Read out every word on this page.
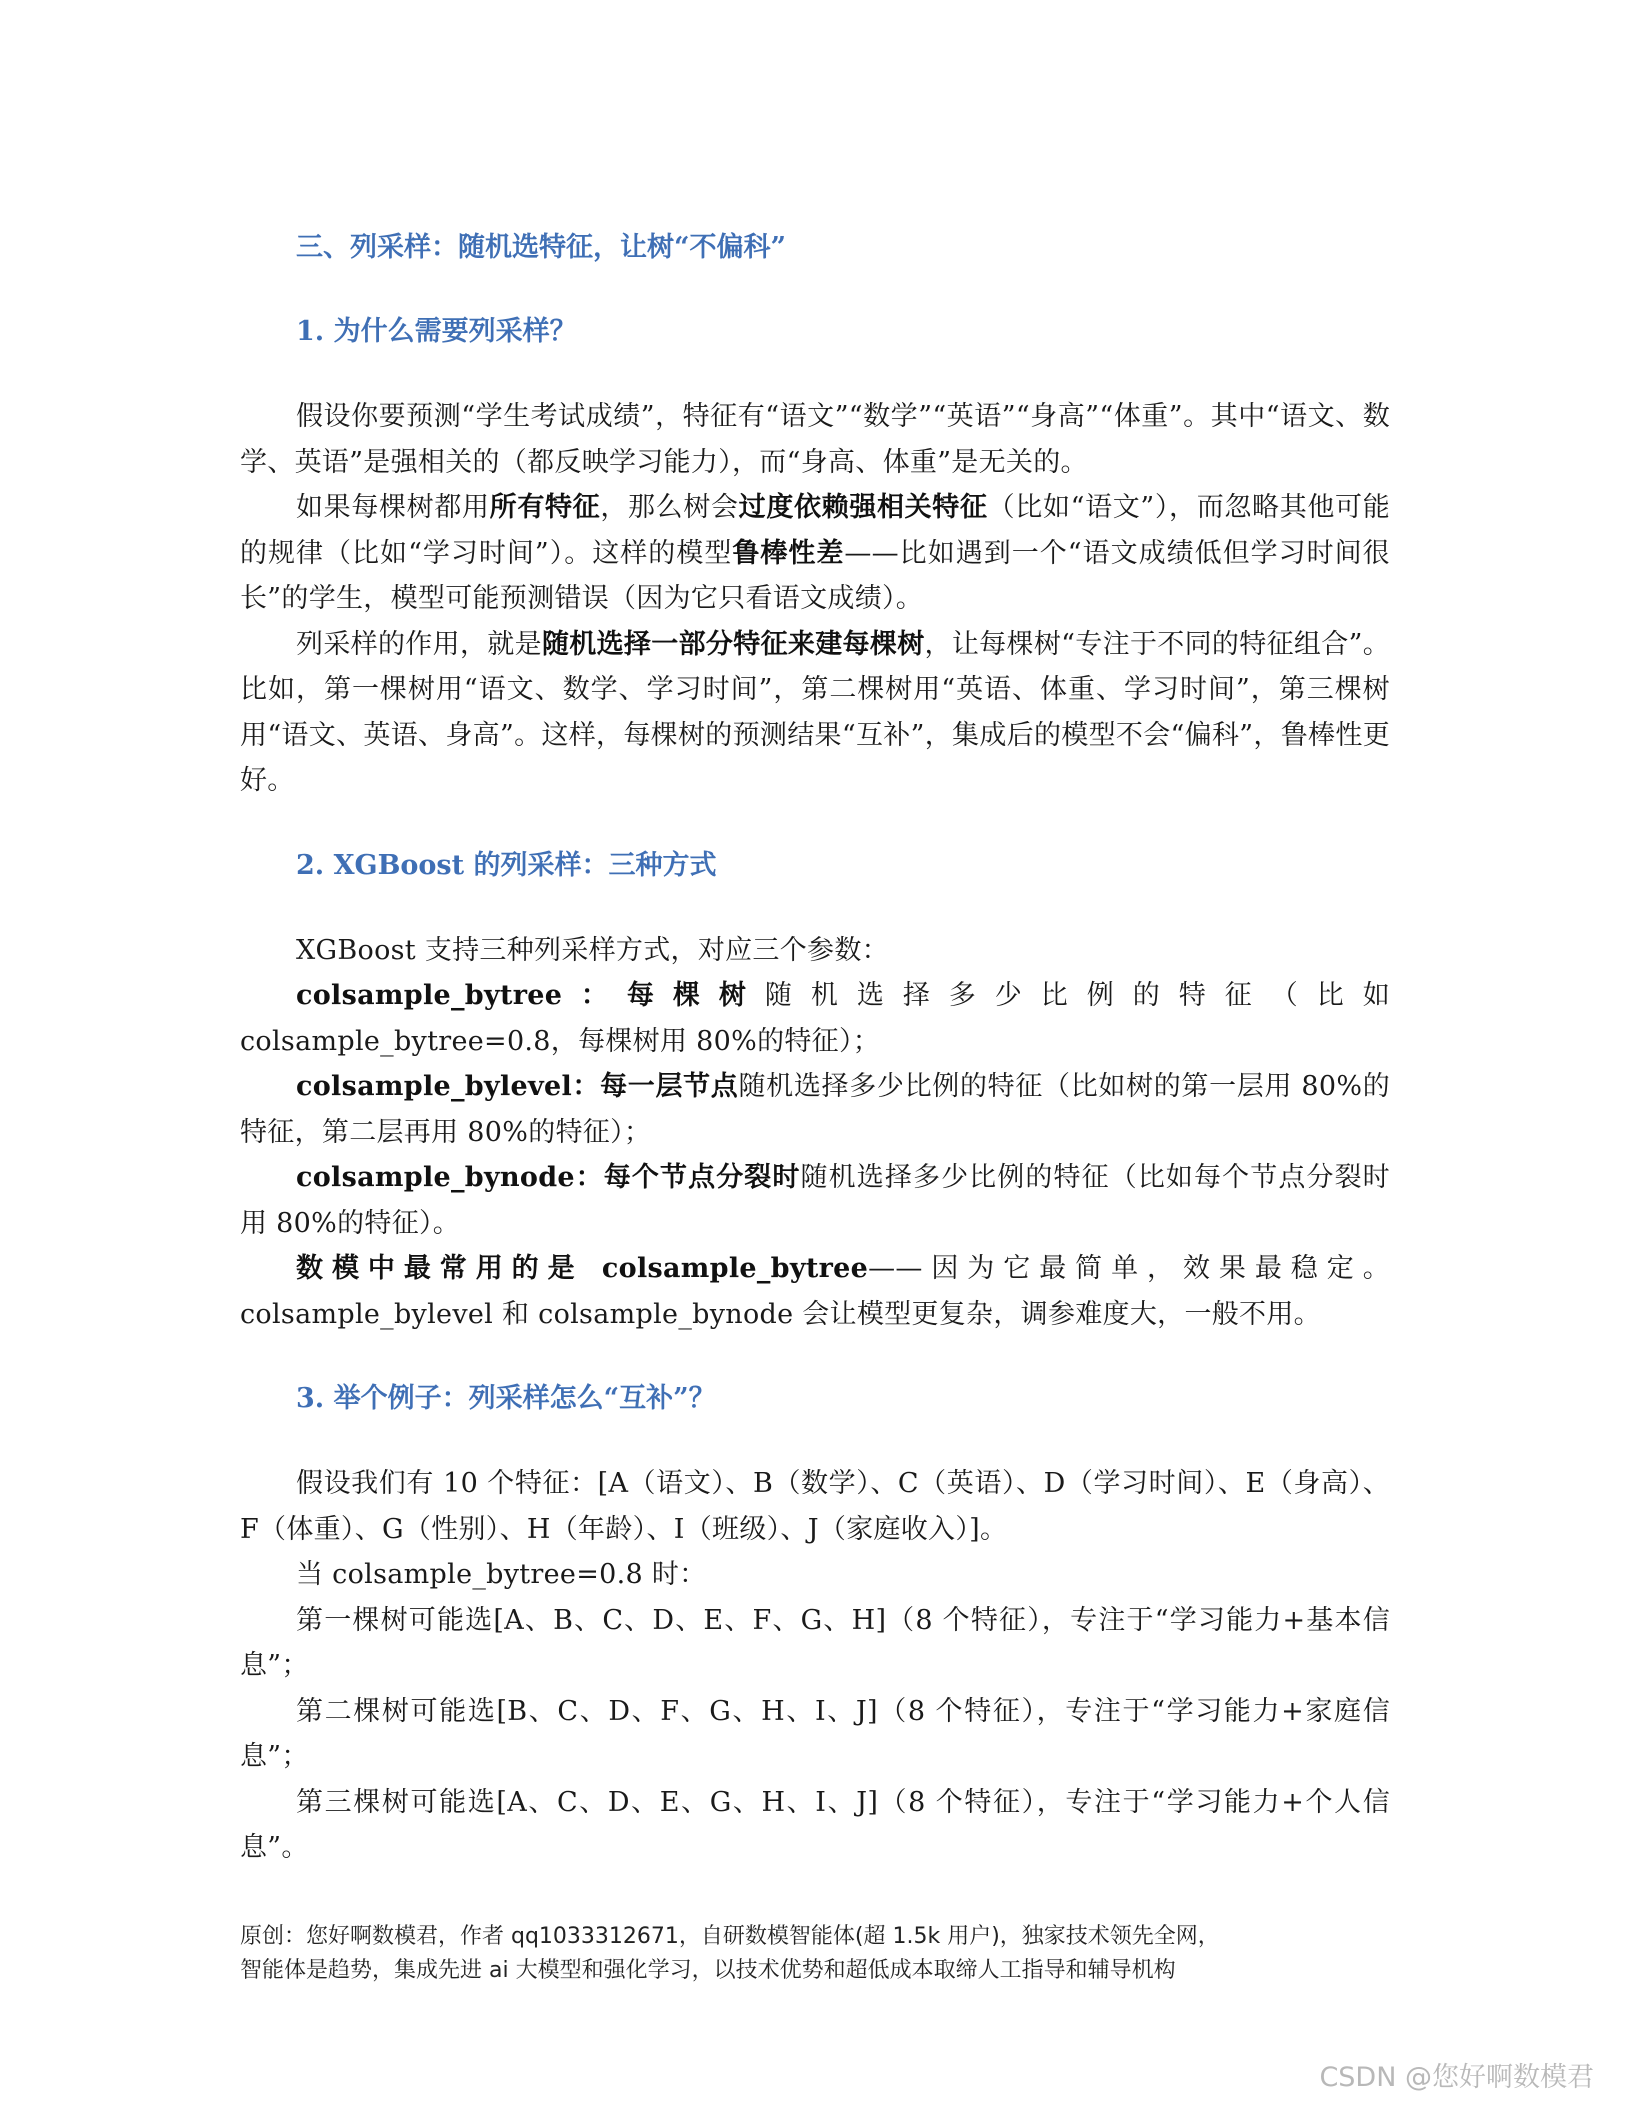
三、列采样：随机选特征，让树“不偏科”
1. 为什么需要列采样？

假设你要预测“学生考试成绩”，特征有“语文”“数学”“英语”“身高”“体重”。其中“语文、数学、英语”是强相关的（都反映学习能力），而“身高、体重”是无关的。

如果每棵树都用所有特征，那么树会过度依赖强相关特征（比如“语文”），而忽略其他可能的规律（比如“学习时间”）。这样的模型鲁棒性差——比如遇到一个“语文成绩低但学习时间很长”的学生，模型可能预测错误（因为它只看语文成绩）。

列采样的作用，就是随机选择一部分特征来建每棵树，让每棵树“专注于不同的特征组合”。比如，第一棵树用“语文、数学、学习时间”，第二棵树用“英语、体重、学习时间”，第三棵树用“语文、英语、身高”。这样，每棵树的预测结果“互补”，集成后的模型不会“偏科”，鲁棒性更好。

2. XGBoost 的列采样：三种方式

XGBoost 支持三种列采样方式，对应三个参数：

colsample_bytree：每棵树随机选择多少比例的特征（比如 colsample_bytree=0.8，每棵树用 80%的特征）；

colsample_bylevel：每一层节点随机选择多少比例的特征（比如树的第一层用 80%的特征，第二层再用 80%的特征）；

colsample_bynode：每个节点分裂时随机选择多少比例的特征（比如每个节点分裂时用 80%的特征）。

数模中最常用的是 colsample_bytree——因为它最简单，效果最稳定。colsample_bylevel 和 colsample_bynode 会让模型更复杂，调参难度大，一般不用。

3. 举个例子：列采样怎么“互补”？

假设我们有 10 个特征：[A（语文）、B（数学）、C（英语）、D（学习时间）、E（身高）、F（体重）、G（性别）、H（年龄）、I（班级）、J（家庭收入）]。

当 colsample_bytree=0.8 时：

第一棵树可能选[A、B、C、D、E、F、G、H]（8 个特征），专注于“学习能力+基本信息”；

第二棵树可能选[B、C、D、F、G、H、I、J]（8 个特征），专注于“学习能力+家庭信息”；

第三棵树可能选[A、C、D、E、G、H、I、J]（8 个特征），专注于“学习能力+个人信息”。

原创：您好啊数模君，作者 qq1033312671，自研数模智能体(超 1.5k 用户)，独家技术领先全网，
智能体是趋势，集成先进 ai 大模型和强化学习，以技术优势和超低成本取缔人工指导和辅导机构
CSDN @您好啊数模君
